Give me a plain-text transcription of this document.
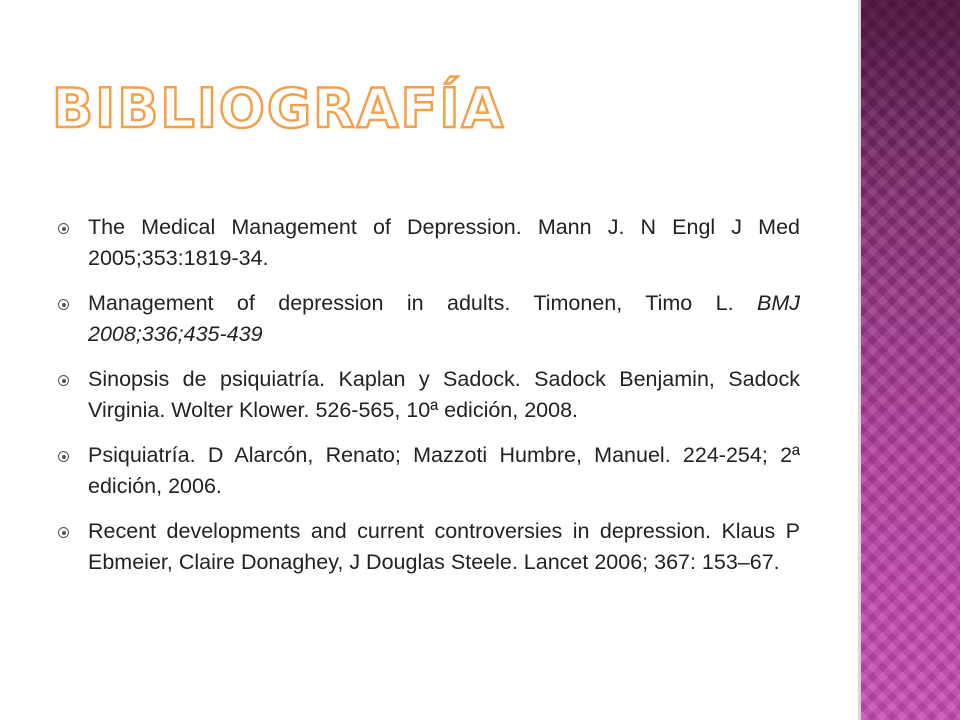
BIBLIOGRAFÍA
The Medical Management of Depression. Mann J. N Engl J Med 2005;353:1819-34.
Management of depression in adults. Timonen, Timo L. BMJ 2008;336;435-439
Sinopsis de psiquiatría. Kaplan y Sadock. Sadock Benjamin, Sadock Virginia. Wolter Klower. 526-565, 10ª edición, 2008.
Psiquiatría. D Alarcón, Renato; Mazzoti Humbre, Manuel. 224-254; 2ª edición, 2006.
Recent developments and current controversies in depression. Klaus P Ebmeier, Claire Donaghey, J Douglas Steele. Lancet 2006; 367: 153–67.
